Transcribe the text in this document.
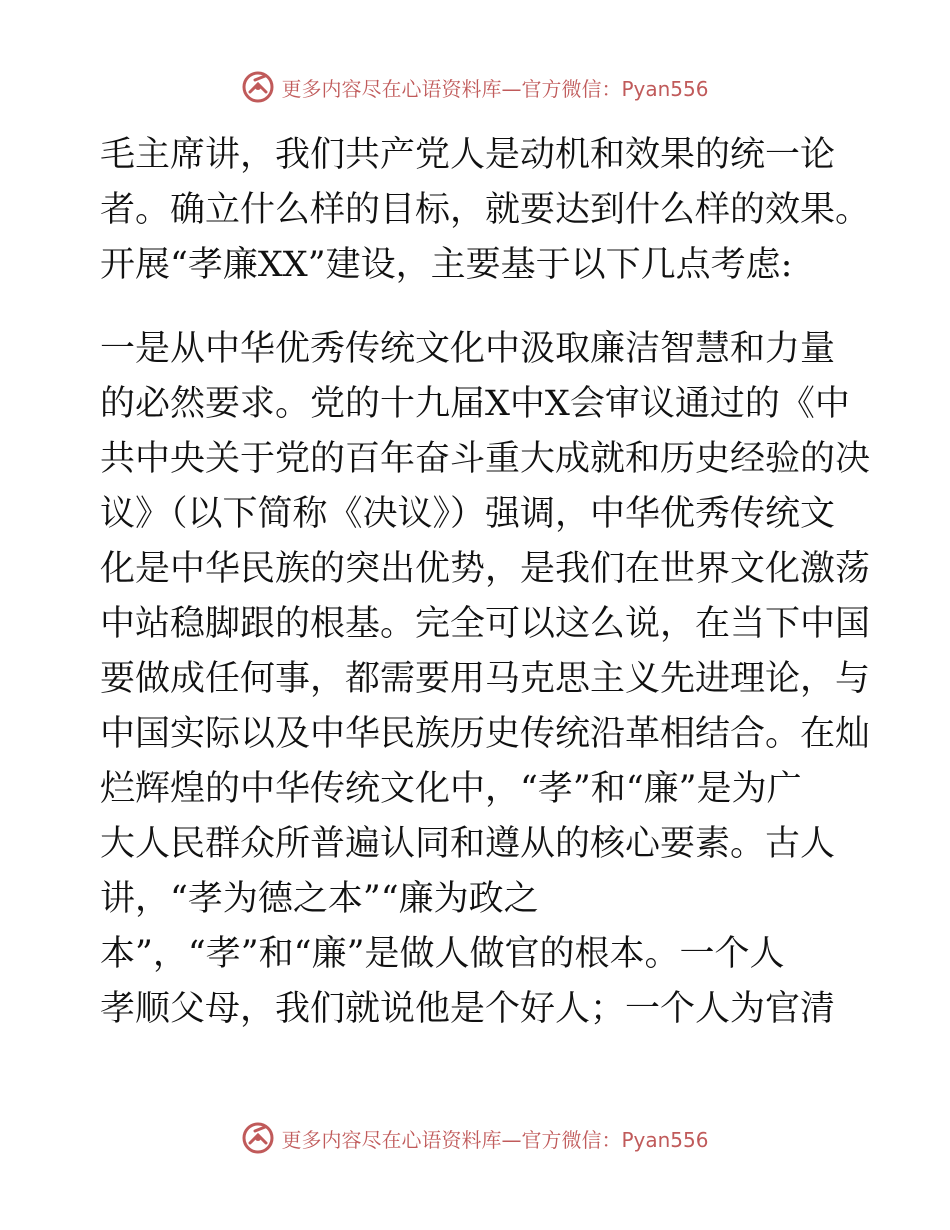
更多内容尽在心语资料库—官方微信：Pyan556
毛主席讲，我们共产党人是动机和效果的统一论
者。确立什么样的目标，就要达到什么样的效果。
开展“孝廉XX”建设，主要基于以下几点考虑:
一是从中华优秀传统文化中汲取廉洁智慧和力量
的必然要求。党的十九届X中X会审议通过的《中
共中央关于党的百年奋斗重大成就和历史经验的决
议》（以下简称《决议》）强调，中华优秀传统文
化是中华民族的突出优势，是我们在世界文化激荡
中站稳脚跟的根基。完全可以这么说，在当下中国
要做成任何事，都需要用马克思主义先进理论，与
中国实际以及中华民族历史传统沿革相结合。在灿
烂辉煌的中华传统文化中，“孝”和“廉”是为广
大人民群众所普遍认同和遵从的核心要素。古人
讲，“孝为德之本”“廉为政之
本”，“孝”和“廉”是做人做官的根本。一个人
孝顺父母，我们就说他是个好人；一个人为官清
更多内容尽在心语资料库—官方微信：Pyan556
